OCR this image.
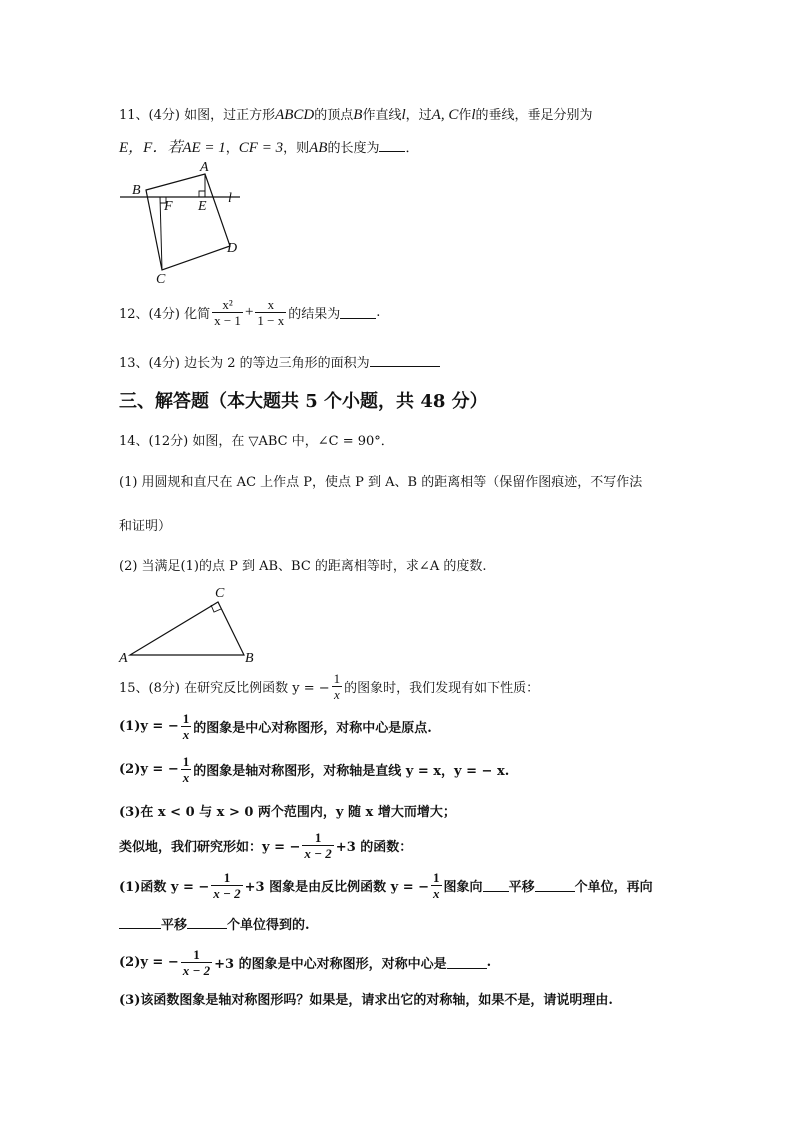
11、(4分) 如图，过正方形ABCD的顶点B作直线l，过A, C作l的垂线，垂足分别为
E，F．若AE = 1，CF = 3，则AB的长度为 ．
A
B
C
D
E
F
l
12、(4分) 化简 $\frac{\text{x²}}{x - 1} + \frac{x}{1 - x}$ 的结果为	.
13、(4分) 边长为 2 的等边三角形的面积为
三、解答题（本大题共 5 个小题，共 48 分）
14、(12分) 如图，在 ▽ABC 中，∠C = 90°．
(1) 用圆规和直尺在 AC 上作点 P，使点 P 到 A、B 的距离相等（保留作图痕迹，不写作法
和证明）
(2) 当满足(1)的点 P 到 AB、BC 的距离相等时，求∠A 的度数.
A	B
C
15、(8分) 在研究反比例函数 y = − $\frac{1}{x}$ 的图象时，我们发现有如下性质：
(1)y = − $\frac{1}{x}$ 的图象是中心对称图形，对称中心是原点.
(2)y = − $\frac{1}{x}$ 的图象是轴对称图形，对称轴是直线 y = x，y = − x.
(3)在 x < 0 与 x > 0 两个范围内，y 随 x 增大而增大；
类似地，我们研究形如：y = − $\frac{1}{x - 2} +3$ 的函数：
(1)函数 y = − $\frac{1}{x - 2} +3$ 图象是由反比例函数 y = − $\frac{1}{x}$ 图象向 平移	个单位，再向
平移	个单位得到的.
(2)y = − $\frac{1}{x - 2} +3$ 的图象是中心对称图形，对称中心是	.
(3)该函数图象是轴对称图形吗？如果是，请求出它的对称轴，如果不是，请说明理由.
